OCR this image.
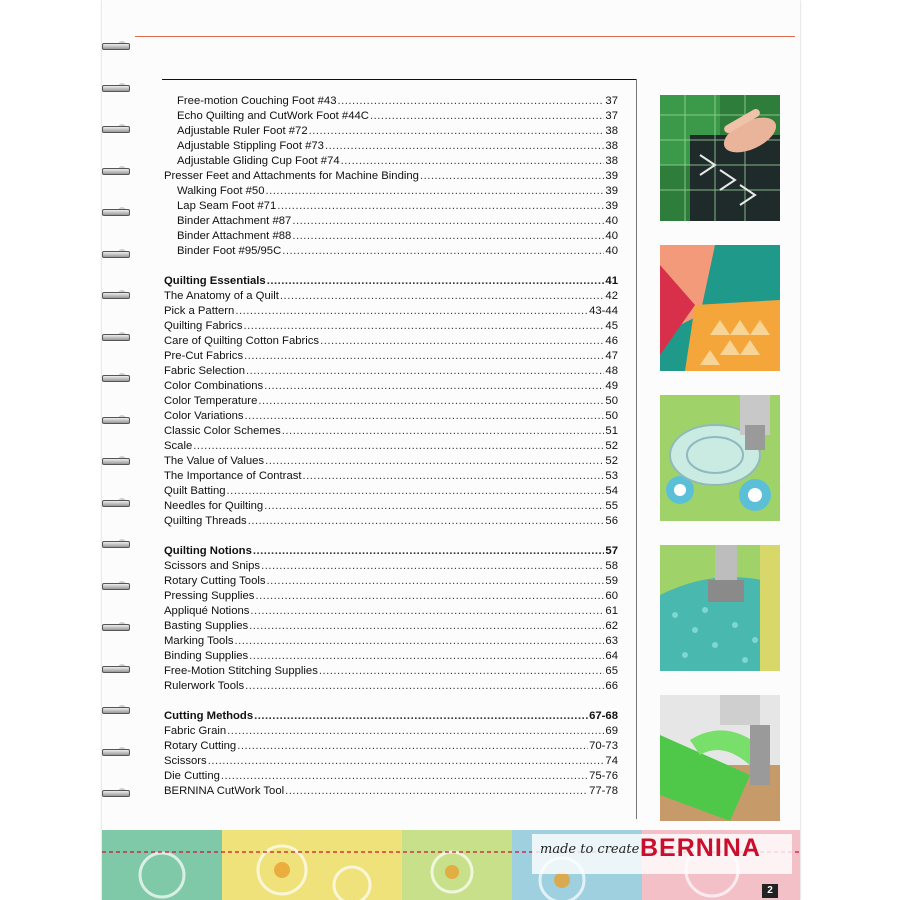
Free-motion Couching Foot #43 .....	37
Echo Quilting and CutWork Foot #44C .....	37
Adjustable Ruler Foot #72 .....	38
Adjustable Stippling Foot #73 .....	38
Adjustable Gliding Cup Foot #74 .....	38
Presser Feet and Attachments for Machine Binding .....	39
Walking Foot #50 .....	39
Lap Seam Foot #71 .....	39
Binder Attachment #87 .....	40
Binder Attachment #88 .....	40
Binder Foot #95/95C .....	40
Quilting Essentials .....	41
The Anatomy of a Quilt .....	42
Pick a Pattern .....	43-44
Quilting Fabrics .....	45
Care of Quilting Cotton Fabrics .....	46
Pre-Cut Fabrics .....	47
Fabric Selection .....	48
Color Combinations .....	49
Color Temperature .....	50
Color Variations .....	50
Classic Color Schemes .....	51
Scale .....	52
The Value of Values .....	52
The Importance of Contrast .....	53
Quilt Batting .....	54
Needles for Quilting .....	55
Quilting Threads .....	56
Quilting Notions .....	57
Scissors and Snips .....	58
Rotary Cutting Tools .....	59
Pressing Supplies .....	60
Appliqué Notions .....	61
Basting Supplies .....	62
Marking Tools .....	63
Binding Supplies .....	64
Free-Motion Stitching Supplies .....	65
Rulerwork Tools .....	66
Cutting Methods .....	67-68
Fabric Grain .....	69
Rotary Cutting .....	70-73
Scissors .....	74
Die Cutting .....	75-76
BERNINA CutWork Tool .....	77-78
made to create BERNINA
2
